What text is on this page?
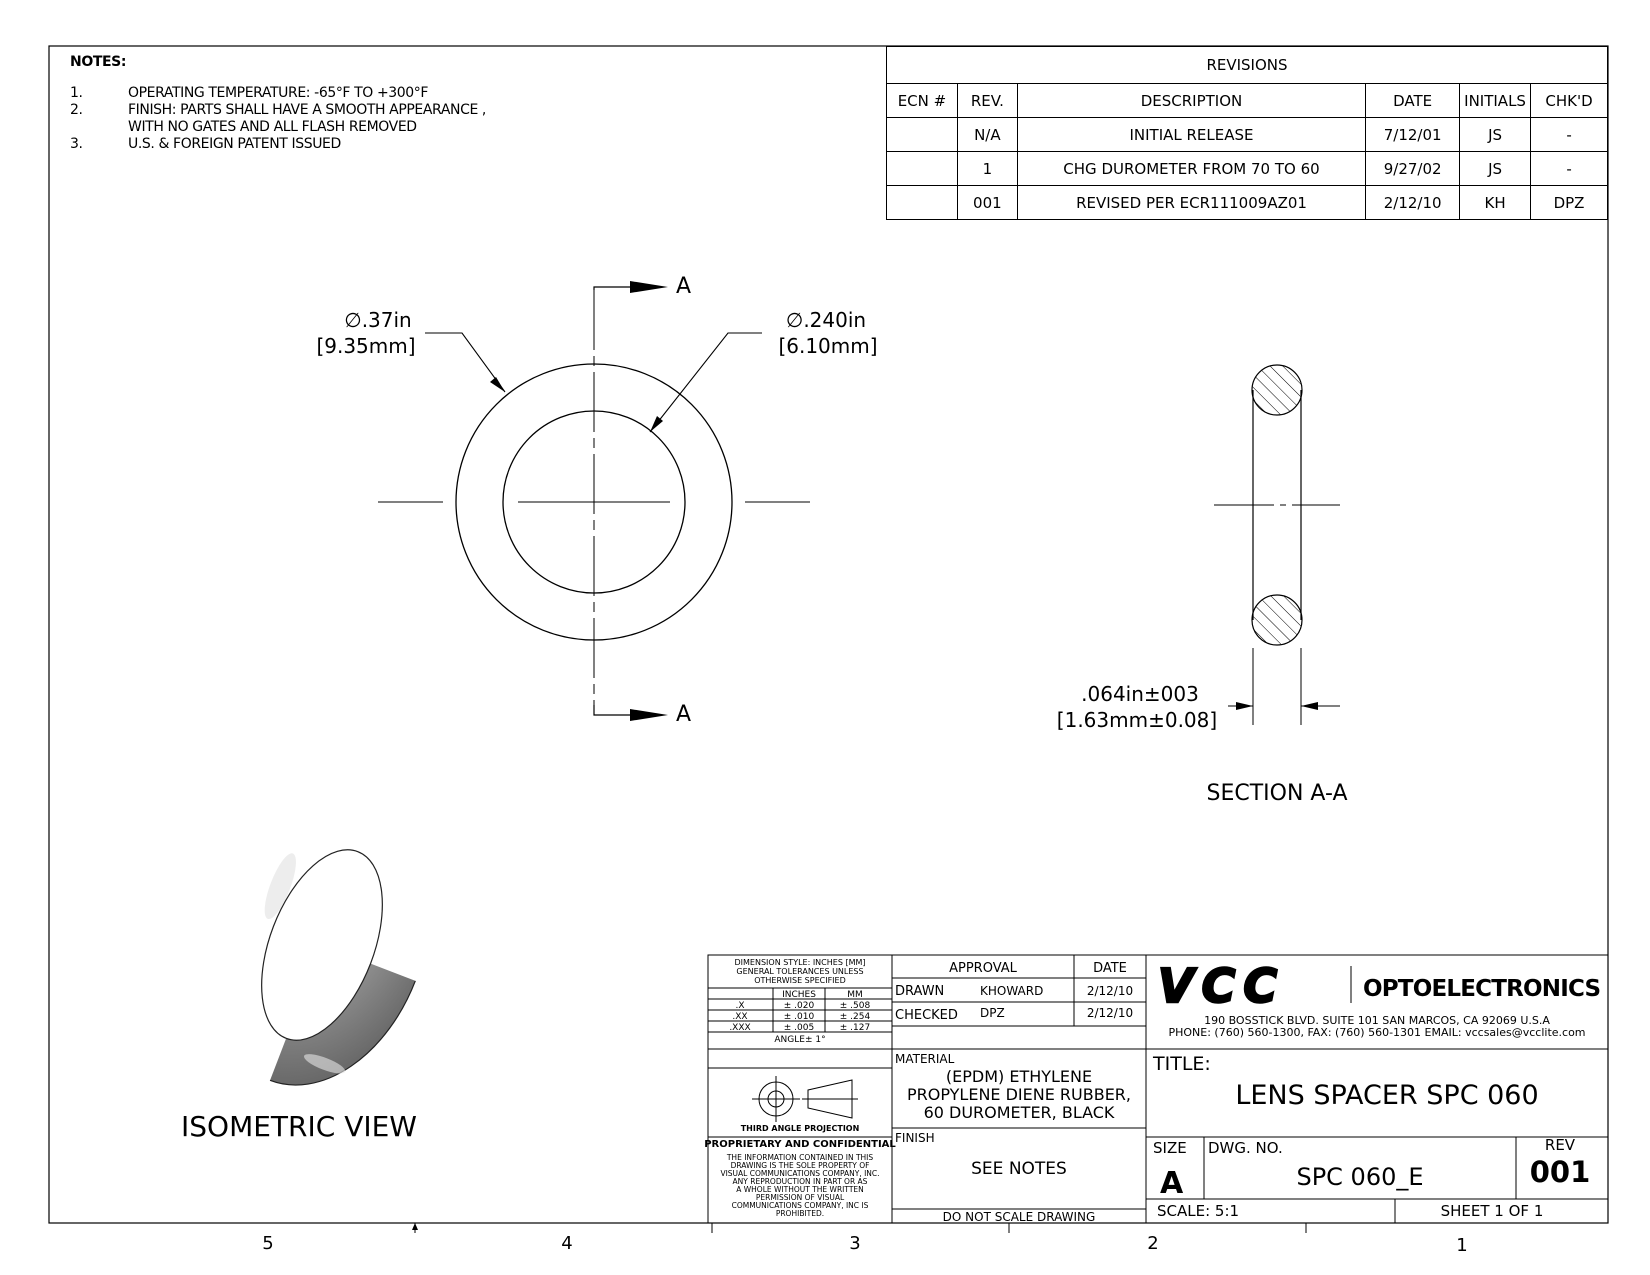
NOTES:
1.	OPERATING TEMPERATURE: -65°F TO +300°F
2.	FINISH: PARTS SHALL HAVE A SMOOTH APPEARANCE ,
WITH NO GATES AND ALL FLASH REMOVED
3.	U.S. & FOREIGN PATENT ISSUED
REVISIONS					
ECN #	REV.	DESCRIPTION	DATE	INITIALS	CHK'D
	N/A	INITIAL RELEASE	7/12/01	JS	-
	1	CHG DUROMETER FROM 70 TO 60	9/27/02	JS	-
	001	REVISED PER ECR111009AZ01	2/12/10	KH	DPZ
A
A
∅.37in
[9.35mm]
∅.240in
[6.10mm]
.064in±003
[1.63mm±0.08]
SECTION A-A
ISOMETRIC VIEW
DIMENSION STYLE: INCHES [MM]
GENERAL TOLERANCES UNLESS
OTHERWISE SPECIFIED
INCHES	MM
.X	± .020	± .508
.XX	± .010	± .254
.XXX	± .005	± .127
ANGLE± 1°
THIRD ANGLE PROJECTION
PROPRIETARY AND CONFIDENTIAL
THE INFORMATION CONTAINED IN THIS
DRAWING IS THE SOLE PROPERTY OF
VISUAL COMMUNICATIONS COMPANY, INC.
ANY REPRODUCTION IN PART OR AS
A WHOLE WITHOUT THE WRITTEN
PERMISSION OF VISUAL
COMMUNICATIONS COMPANY, INC IS
PROHIBITED.
APPROVAL	DATE
DRAWN	KHOWARD	2/12/10
CHECKED DPZ	2/12/10
MATERIAL
(EPDM) ETHYLENE
PROPYLENE DIENE RUBBER,
60 DUROMETER, BLACK
FINISH
SEE NOTES
DO NOT SCALE DRAWING
VCC	OPTOELECTRONICS
190 BOSSTICK BLVD. SUITE 101 SAN MARCOS, CA 92069 U.S.A
PHONE: (760) 560-1300, FAX: (760) 560-1301 EMAIL: vccsales@vcclite.com
TITLE:
LENS SPACER SPC 060
SIZE
A
DWG. NO.
SPC 060_E
REV
001
SCALE: 5:1	SHEET 1 OF 1
5	4	3	2	1
